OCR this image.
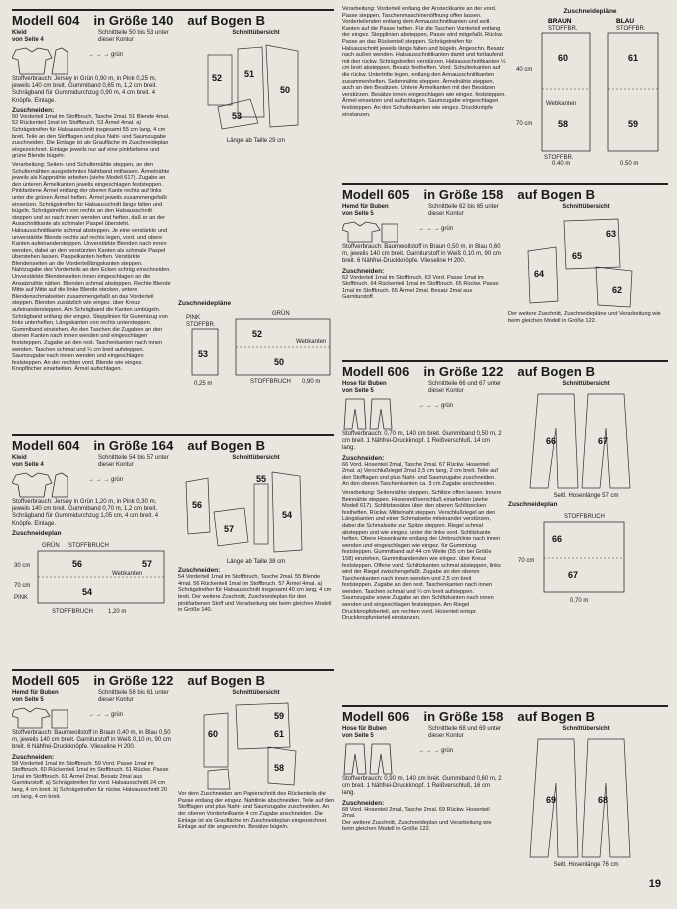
Modell 604 in Größe 140 auf Bogen B
Kleid
von Seite 4
Schnittteile 50 bis 53 unter dieser Kontur
→ → → grün

Stoffverbrauch: Jersey in Grün 0,90 m, in Pink 0,25 m, jeweils 140 cm breit. Gummiband 0,65 m, 1,2 cm breit. Schrägband für Gummidurchzug 0,90 m, 4 cm breit. 4 Knöpfe. Einlage.

Zuschneiden:

50 Vorderteil 1mal im Stoffbruch, Tasche 2mal. 51 Blende 4mal. 52 Rückenteil 1mal im Stoffbruch. 53 Ärmel 4mal. a) Schrägstreifen für Halsausschnitt insgesamt 55 cm lang, 4 cm breit. Teile an den Stofflagen und plus Naht- und Saumzugabe zuschneiden. Die Einlage ist als Graufläche im Zuschneideplan eingezeichnet. Einlage jeweils nur auf eine pinkfarbene und grüne Blende bügeln.

Verarbeitung: Seiten- und Schulternähte steppen, an den Schulternähten ausgedehntes Nahtband mitfassen. Ärmelnähte jeweils als Kappnähte arbeiten (siehe Modell 617). Zugabe an den unteren Ärmelkanten jeweils eingeschlagen feststeppen. Pinkfarbene Ärmel entlang der oberen Kante rechts auf links unter die grünen Ärmel heften. Ärmel jeweils zusammengefaßt einsetzen. Schrägstreifen für Halsausschnitt längs falten und bügeln. Schrägstreifen von rechts an den Halsausschnitt steppen und so nach innen wenden und heften, daß er an der Ausschnittkante als schmaler Paspel übersteht. Halsausschnittkante schmal absteppen. Je eine verstärkte und unverstärkte Blende rechts auf rechts legen, vord. und obere Kanten aufeinandersteppen. Unverstärkte Blenden nach innen wenden, dabei an den verstürzten Kanten als schmale Paspel überstehen lassen. Paspelkanten heften. Verstärkte Blendenseiten an die Vorderteillängskanten steppen. Nahtzugabe des Vorderteils an den Ecken schräg einschneiden. Unverstärkte Blendenseiten innen eingeschlagen an die Ansatznähte nähen. Blenden schmal absteppen. Rechte Blende Mitte auf Mitte auf die linke Blende stecken, untere Blendenschmalseiten zusammengefaßt an das Vorderteil steppen. Blenden zusätzlich wie eingez. über Kreuz aufeinandersteppen. Am Schrägband die Kanten umbügeln. Schrägband entlang der eingez. Stepplinien für Gummizug von links unterheften, Längskanten von rechts untersteppen. Gummiband einziehen. An den Taschen die Zugaben an den oberen Kanten nach innen wenden und eingeschlagen feststeppen. Zugabe an den rest. Taschenkanten nach innen wenden. Taschen schmal und ¼ cm breit aufsteppen. Saumzugabe nach innen wenden und eingeschlagen feststeppen. An der rechten vord. Blende wie eingez. Knopflöcher einarbeiten. Ärmel aufschlagen.

Schnittübersicht
52 51
50
53
Länge ab Taille 29 cm

Zuschneidepläne
PINK
STOFFBR.
GRÜN
STOFFBRUCH
0,25 m	0,90 m
Webkanten
52
53
50
Modell 604 in Größe 164 auf Bogen B
Kleid
von Seite 4
Schnittteile 54 bis 57 unter dieser Kontur
→ → → grün

Stoffverbrauch: Jersey in Grün 1,20 m, in Pink 0,30 m, jeweils 140 cm breit. Gummiband 0,70 m, 1,2 cm breit. Schrägband für Gummidurchzug 1,05 cm, 4 cm breit. 4 Knöpfe. Einlage.

Zuschneideplan
GRÜN STOFFBRUCH
STOFFBRUCH	1,20 m
70 cm
30 cm
PINK
Webkanten
56	57
54
Schnittübersicht
56
55
57
54
Länge ab Taille 38 cm
Zuschneiden:

54 Vorderteil 1mal im Stoffbruch, Tasche 2mal. 55 Blende 4mal. 56 Rückenteil 1mal im Stoffbruch. 57 Ärmel 4mal. a) Schrägstreifen für Halsausschnitt insgesamt 40 cm lang, 4 cm breit. Der weitere Zuschnitt, Zuschneideplan für den pinkfarbenen Stoff und Verarbeitung wie beim gleichen Modell in Größe 140.

Modell 605 in Größe 122 auf Bogen B
Hemd für Buben
von Seite 5
Schnittteile 58 bis 61 unter dieser Kontur
→ → → grün

Stoffverbrauch: Baumwollstoff in Braun 0,40 m, in Blau 0,50 m, jeweils 140 cm breit. Garniturstoff in Weiß 0,10 m, 90 cm breit. 6 Nähfrei-Druckknöpfe. Vlieseline H 200.

Zuschneiden:

58 Vorderteil 1mal im Stoffbruch. 59 Vord. Passe 1mal im Stoffbruch. 60 Rückenteil 1mal im Stoffbruch. 61 Rückw. Passe 1mal im Stoffbruch. 61 Ärmel 2mal. Besatz 2mal aus Garniturstoff. a) Schrägstreifen für vord. Halsausschnitt 24 cm lang, 4 cm breit. b) Schrägstreifen für rückw. Halsausschnitt 20 cm lang, 4 cm breit.

Schnittübersicht
60
59
61
58

Vor dem Zuschneiden am Papierschnitt des Rückenteils die Passe entlang der eingez. Nahtlinie abschneiden. Teile auf den Stofflagen und plus Naht- und Saumzugabe zuschneiden. An der oberen Vorderteilkante 4 cm Zugabe anschneiden. Die Einlage ist als Graufläche im Zuschneideplan eingezeichnet. Einlage auf die angezeichn. Besätze bügeln.

Verarbeitung: Vorderteil entlang der Ansteckkante an der vord. Passe steppen, Taschenmaschinenöffnung offen lassen. Vorderteilenden entlang dem Armausschnittkanten und seitl. Kanten auf die Passe heften. Für die Taschen Vorderteil entlang der eingez. Stepplinien absteppen, Passe wird mitgefaßt. Rückw. Passe an das Rückenteil steppen. Schrägstreifen für Halsausschnitt jeweils längs falten und bügeln. Angeschn. Besatz nach außen wenden. Halsausschnittkanten damit und fortlaufend mit den rückw. Schrägstreifen verstürzen. Halsausschnittkanten ½ cm breit absteppen. Besatz festheften. Vord. Schulterkanten auf die rückw. Untertritte legen, entlang den Armausschnittkanten zusammenheften. Seitennähte steppen. Ärmelnähte steppen, auch an den Besätzen. Untere Ärmelkanten mit den Besätzen verstürzen. Besätze innen eingeschlagen wie eingez. feststeppen. Ärmel einsetzen und aufschlagen. Saumzugabe eingeschlagen feststeppen. An den Schulterkanten wie eingez. Druckknöpfe einstanzen.

Zuschneidepläne
BRAUN
STOFFBR.
BLAU
STOFFBR.
STOFFBR.
0,40 m	0,50 m
40 cm
70 cm
Webkanten
60
58
61
59
Modell 605 in Größe 158 auf Bogen B
Hemd für Buben
von Seite 5
Schnittteile 62 bis 65 unter dieser Kontur
→ → → grün

Stoffverbrauch: Baumwollstoff in Braun 0,50 m, in Blau 0,60 m, jeweils 140 cm breit. Garniturstoff in Weiß 0,10 m, 90 cm breit. 6 Nähfrei-Druckknöpfe. Vlieseline H 200.

Zuschneiden:

62 Vorderteil 1mal im Stoffbruch. 63 Vord. Passe 1mal im Stoffbruch. 64 Rückenteil 1mal im Stoffbruch. 65 Rückw. Passe 1mal im Stoffbruch. 65 Ärmel 2mal. Besatz 2mal aus Garniturstoff.

Schnittübersicht
63
64
65
62

Der weitere Zuschnitt, Zuschneidepläne und Verarbeitung wie beim gleichen Modell in Größe 122.

Modell 606 in Größe 122 auf Bogen B
Hose für Buben
von Seite 5
Schnittteile 66 und 67 unter dieser Kontur
→ → → grün

Stoffverbrauch: 0,70 m, 140 cm breit. Gummiband 0,50 m, 2 cm breit. 1 Nähfrei-Druckknopf. 1 Reißverschluß, 14 cm lang.

Zuschneiden:

66 Vord. Hosenteil 2mal, Tasche 2mal. 67 Rückw. Hosenteil 2mal. a) Verschlußriegel 2mal 2,5 cm lang, 2 cm breit. Teile auf den Stofflagen und plus Naht- und Saumzugabe zuschneiden. An den oberen Taschenkanten ca. 3 cm Zugabe anschneiden.

Verarbeitung: Seitennähte steppen, Schlitze offen lassen. Innere Beinnähte steppen. Hosenreißverschluß einarbeiten (siehe Modell 617). Schlitzbesätze über den oberen Schlitzecken festheften. Rückw. Mittelnaht steppen. Verschlußriegel an den Längskanten und einer Schmalseite miteinander verstürzen, dabei die Schmalseite zur Spitze steppen. Riegel schmal absteppen und wie eingez. unter die linke vord. Schlitzkante heften. Obere Hosenkante entlang der Umbruchlinie nach innen wenden und eingeschlagen wie eingez. für Gummizug feststeppen. Gummiband auf 44 cm Weite (55 cm bei Größe 158) einziehen, Gummibandenden wie eingez. über Kreuz feststeppen. Offene vord. Schlitzkanten schmal absteppen, links wird der Riegel zwischengefaßt. Zugabe an den oberen Taschenkanten nach innen wenden und 2,5 cm breit feststeppen. Zugabe an den rest. Taschenkanten nach innen wenden. Taschen schmal und ¼ cm breit aufsteppen. Saumzugabe sowie Zugabe an den Schlitzkanten nach innen wenden und eingeschlagen feststeppen. Am Riegel Druckknopfoberteil, am rechten vord. Hosenteil entspr. Druckknopfunterteil einstanzen.

Schnittübersicht
66	67
Seitl. Hosenlänge 57 cm
Zuschneideplan
STOFFBRUCH
0,70 m
70 cm
66
67
Modell 606 in Größe 158 auf Bogen B
Hose für Buben
von Seite 5
Schnittteile 68 und 69 unter dieser Kontur
→ → → grün

Stoffverbrauch: 0,90 m, 140 cm breit. Gummiband 0,60 m, 2 cm breit. 1 Nähfrei-Druckknopf. 1 Reißverschluß, 16 cm lang.

Zuschneiden:

68 Vord. Hosenteil 2mal, Tasche 2mal. 69 Rückw. Hosenteil 2mal.

Der weitere Zuschnitt, Zuschneideplan und Verarbeitung wie beim gleichen Modell in Größe 122.

Schnittübersicht
69	68
Seitl. Hosenlänge 76 cm
19
